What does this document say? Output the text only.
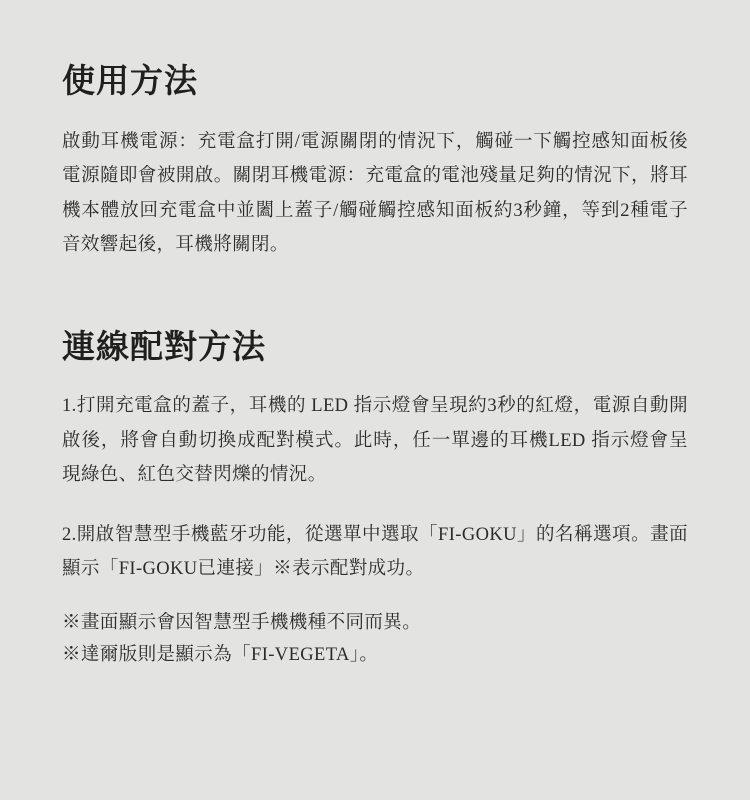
使用方法

啟動耳機電源：充電盒打開/電源關閉的情況下，觸碰一下觸控感知面板後電源隨即會被開啟。關閉耳機電源：充電盒的電池殘量足夠的情況下，將耳機本體放回充電盒中並闔上蓋子/觸碰觸控感知面板約3秒鐘，等到2種電子音效響起後，耳機將關閉。

連線配對方法

1.打開充電盒的蓋子，耳機的 LED 指示燈會呈現約3秒的紅燈，電源自動開啟後，將會自動切換成配對模式。此時，任一單邊的耳機LED 指示燈會呈現綠色、紅色交替閃爍的情況。

2.開啟智慧型手機藍牙功能，從選單中選取「FI-GOKU」的名稱選項。畫面顯示「FI-GOKU已連接」※表示配對成功。

※畫面顯示會因智慧型手機機種不同而異。

※達爾版則是顯示為「FI-VEGETA」。
